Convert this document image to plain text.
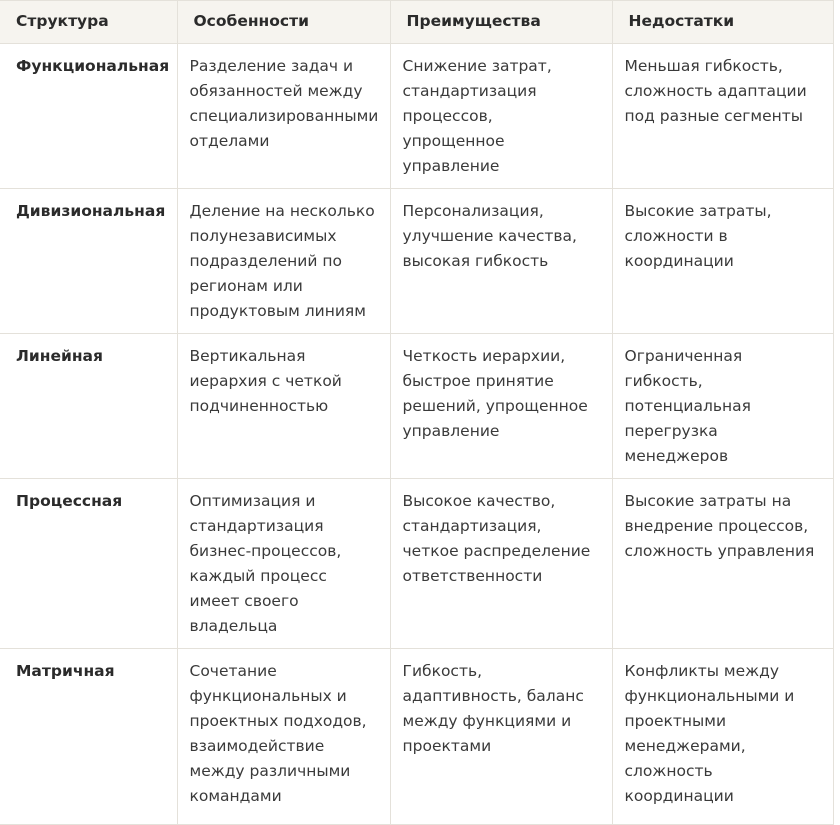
Структура	Особенности	Преимущества	Недостатки
Функциональная	Разделение задач и обязанностей между специализированными отделами	Снижение затрат, стандартизация процессов, упрощенное управление	Меньшая гибкость, сложность адаптации под разные сегменты
Дивизиональная	Деление на несколько полунезависимых подразделений по регионам или продуктовым линиям	Персонализация, улучшение качества, высокая гибкость	Высокие затраты, сложности в координации
Линейная	Вертикальная иерархия с четкой подчиненностью	Четкость иерархии, быстрое принятие решений, упрощенное управление	Ограниченная гибкость, потенциальная перегрузка менеджеров
Процессная	Оптимизация и стандартизация бизнес-процессов, каждый процесс имеет своего владельца	Высокое качество, стандартизация, четкое распределение ответственности	Высокие затраты на внедрение процессов, сложность управления
Матричная	Сочетание функциональных и проектных подходов, взаимодействие между различными командами	Гибкость, адаптивность, баланс между функциями и проектами	Конфликты между функциональными и проектными менеджерами, сложность координации
